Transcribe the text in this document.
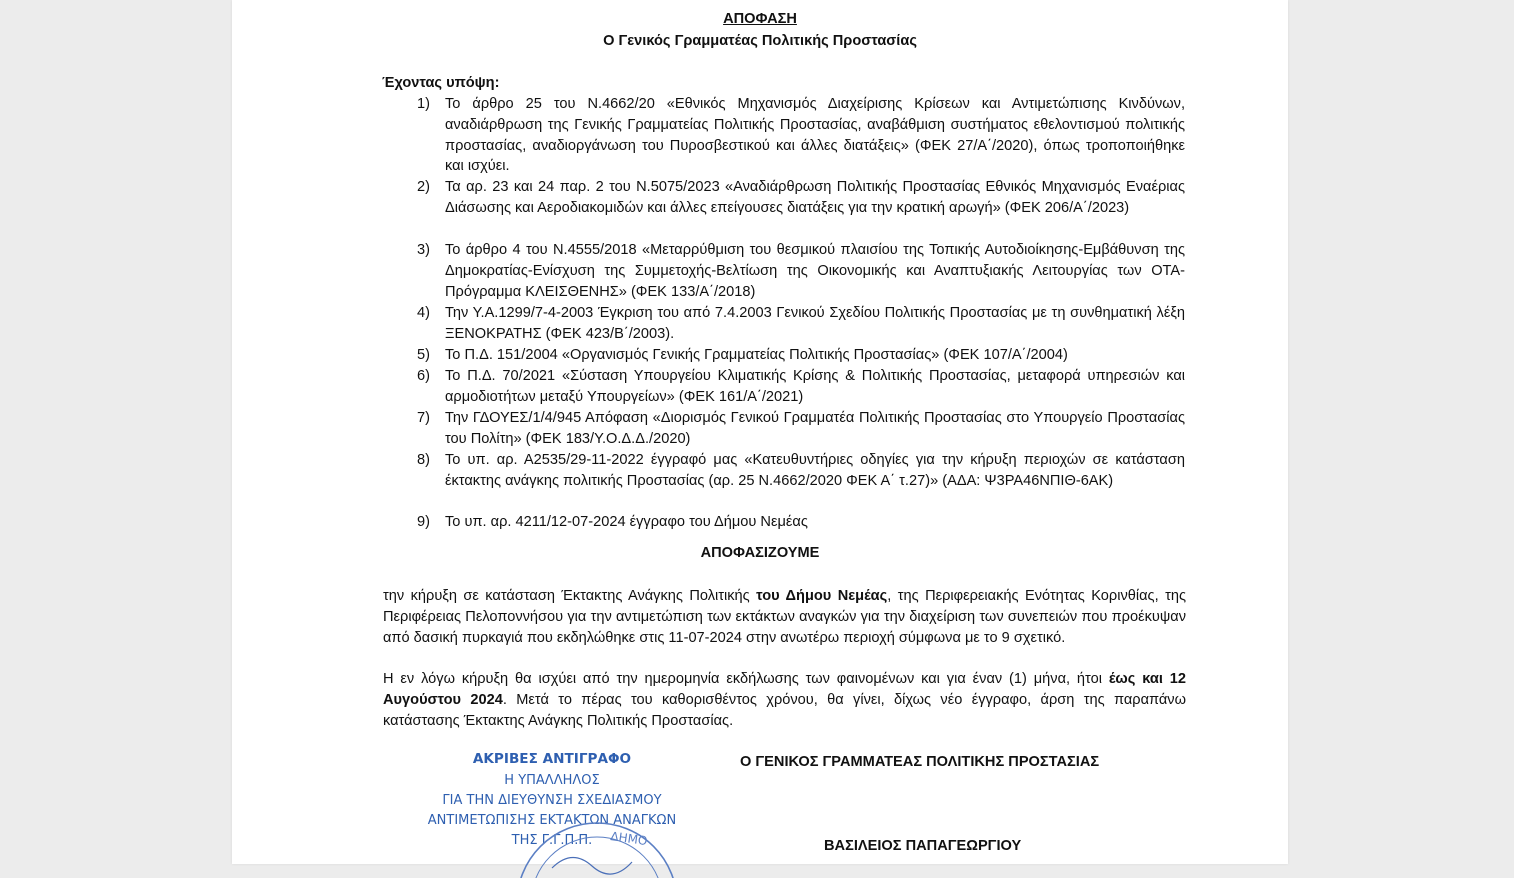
ΑΠΟΦΑΣΗ
Ο Γενικός Γραμματέας Πολιτικής Προστασίας
Έχοντας υπόψη:
1) Το άρθρο 25 του Ν.4662/20 «Εθνικός Μηχανισμός Διαχείρισης Κρίσεων και Αντιμετώπισης Κινδύνων, αναδιάρθρωση της Γενικής Γραμματείας Πολιτικής Προστασίας, αναβάθμιση συστήματος εθελοντισμού πολιτικής προστασίας, αναδιοργάνωση του Πυροσβεστικού και άλλες διατάξεις» (ΦΕΚ 27/Α΄/2020), όπως τροποποιήθηκε και ισχύει.
2) Τα αρ. 23 και 24 παρ. 2 του Ν.5075/2023 «Αναδιάρθρωση Πολιτικής Προστασίας Εθνικός Μηχανισμός Εναέριας Διάσωσης και Αεροδιακομιδών και άλλες επείγουσες διατάξεις για την κρατική αρωγή» (ΦΕΚ 206/Α΄/2023)
3) Το άρθρο 4 του Ν.4555/2018 «Μεταρρύθμιση του θεσμικού πλαισίου της Τοπικής Αυτοδιοίκησης-Εμβάθυνση της Δημοκρατίας-Ενίσχυση της Συμμετοχής-Βελτίωση της Οικονομικής και Αναπτυξιακής Λειτουργίας των ΟΤΑ-Πρόγραμμα ΚΛΕΙΣΘΕΝΗΣ» (ΦΕΚ 133/Α΄/2018)
4) Την Υ.Α.1299/7-4-2003 Έγκριση του από 7.4.2003 Γενικού Σχεδίου Πολιτικής Προστασίας με τη συνθηματική λέξη ΞΕΝΟΚΡΑΤΗΣ (ΦΕΚ 423/Β΄/2003).
5) Το Π.Δ. 151/2004 «Οργανισμός Γενικής Γραμματείας Πολιτικής Προστασίας» (ΦΕΚ 107/Α΄/2004)
6) Το Π.Δ. 70/2021 «Σύσταση Υπουργείου Κλιματικής Κρίσης & Πολιτικής Προστασίας, μεταφορά υπηρεσιών και αρμοδιοτήτων μεταξύ Υπουργείων» (ΦΕΚ 161/Α΄/2021)
7) Την ΓΔΟΥΕΣ/1/4/945 Απόφαση «Διορισμός Γενικού Γραμματέα Πολιτικής Προστασίας στο Υπουργείο Προστασίας του Πολίτη» (ΦΕΚ 183/Υ.Ο.Δ.Δ./2020)
8) Το υπ. αρ. Α2535/29-11-2022 έγγραφό μας «Κατευθυντήριες οδηγίες για την κήρυξη περιοχών σε κατάσταση έκτακτης ανάγκης πολιτικής Προστασίας (αρ. 25 Ν.4662/2020 ΦΕΚ Α΄ τ.27)» (ΑΔΑ: Ψ3ΡΑ46ΝΠΙΘ-6ΑΚ)
9) Το υπ. αρ. 4211/12-07-2024 έγγραφο του Δήμου Νεμέας
ΑΠΟΦΑΣΙΖΟΥΜΕ
την κήρυξη σε κατάσταση Έκτακτης Ανάγκης Πολιτικής του Δήμου Νεμέας, της Περιφερειακής Ενότητας Κορινθίας, της Περιφέρειας Πελοποννήσου για την αντιμετώπιση των εκτάκτων αναγκών για την διαχείριση των συνεπειών που προέκυψαν από δασική πυρκαγιά που εκδηλώθηκε στις 11-07-2024 στην ανωτέρω περιοχή σύμφωνα με το 9 σχετικό.
Η εν λόγω κήρυξη θα ισχύει από την ημερομηνία εκδήλωσης των φαινομένων και για έναν (1) μήνα, ήτοι έως και 12 Αυγούστου 2024. Μετά το πέρας του καθορισθέντος χρόνου, θα γίνει, δίχως νέο έγγραφο, άρση της παραπάνω κατάστασης Έκτακτης Ανάγκης Πολιτικής Προστασίας.
ΑΚΡΙΒΕΣ ΑΝΤΙΓΡΑΦΟ
Η ΥΠΑΛΛΗΛΟΣ
ΓΙΑ ΤΗΝ ΔΙΕΥΘΥΝΣΗ ΣΧΕΔΙΑΣΜΟΥ
ΑΝΤΙΜΕΤΩΠΙΣΗΣ ΕΚΤΑΚΤΩΝ ΑΝΑΓΚΩΝ
ΤΗΣ Γ.Γ.Π.Π.	ΔΗΜΟ
Ο ΓΕΝΙΚΟΣ ΓΡΑΜΜΑΤΕΑΣ ΠΟΛΙΤΙΚΗΣ ΠΡΟΣΤΑΣΙΑΣ
ΒΑΣΙΛΕΙΟΣ ΠΑΠΑΓΕΩΡΓΙΟΥ
